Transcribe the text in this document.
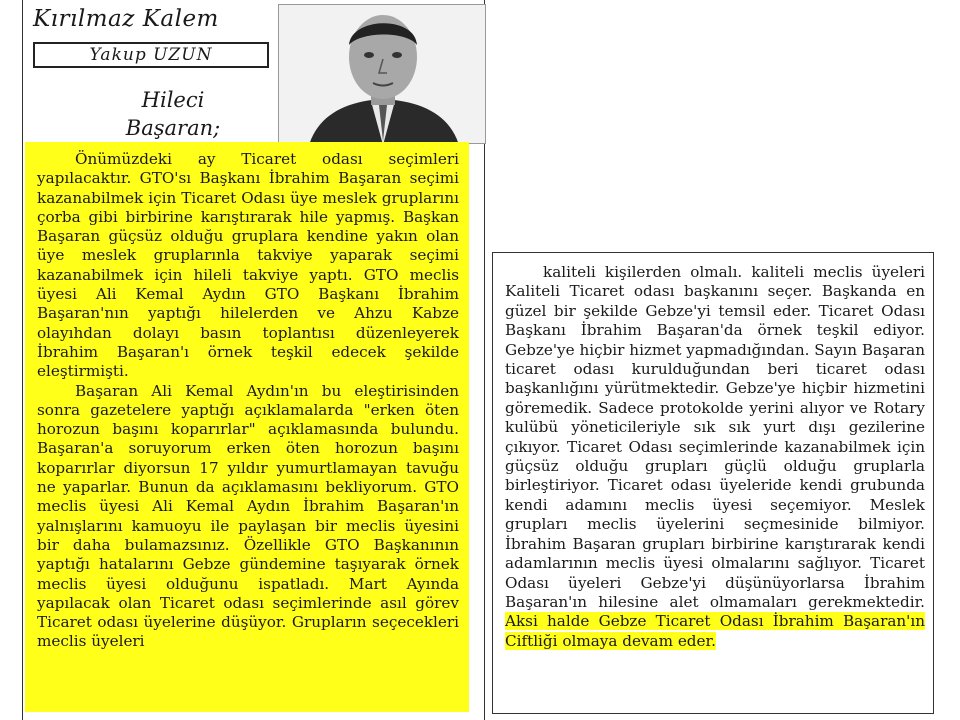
Kırılmaz Kalem
Yakup UZUN
Hileci
Başaran;

Önümüzdeki ay Ticaret odası seçimleri yapılacaktır. GTO'sı Başkanı İbrahim Başaran seçimi kazanabilmek için Ticaret Odası üye meslek gruplarını çorba gibi birbirine karıştırarak hile yapmış. Başkan Başaran güçsüz olduğu gruplara kendine yakın olan üye meslek gruplarınla takviye yaparak seçimi kazanabilmek için hileli takviye yaptı. GTO meclis üyesi Ali Kemal Aydın GTO Başkanı İbrahim Başaran'nın yaptığı hilelerden ve Ahzu Kabze olayıhdan dolayı basın toplantısı düzenleyerek İbrahim Başaran'ı örnek teşkil edecek şekilde eleştirmişti.

Başaran Ali Kemal Aydın'ın bu eleştirisinden sonra gazetelere yaptığı açıklamalarda "erken öten horozun başını koparırlar" açıklamasında bulundu. Başaran'a soruyorum erken öten horozun başını koparırlar diyorsun 17 yıldır yumurtlamayan tavuğu ne yaparlar. Bunun da açıklamasını bekliyorum. GTO meclis üyesi Ali Kemal Aydın İbrahim Başaran'ın yalnışlarını kamuoyu ile paylaşan bir meclis üyesini bir daha bulamazsınız. Özellikle GTO Başkanının yaptığı hatalarını Gebze gündemine taşıyarak örnek meclis üyesi olduğunu ispatladı. Mart Ayında yapılacak olan Ticaret odası seçimlerinde asıl görev Ticaret odası üyelerine düşüyor. Grupların seçecekleri meclis üyeleri

kaliteli kişilerden olmalı. kaliteli meclis üyeleri Kaliteli Ticaret odası başkanını seçer. Başkanda en güzel bir şekilde Gebze'yi temsil eder. Ticaret Odası Başkanı İbrahim Başaran'da örnek teşkil ediyor. Gebze'ye hiçbir hizmet yapmadığından. Sayın Başaran ticaret odası kurulduğundan beri ticaret odası başkanlığını yürütmektedir. Gebze'ye hiçbir hizmetini göremedik. Sadece protokolde yerini alıyor ve Rotary kulübü yöneticileriyle sık sık yurt dışı gezilerine çıkıyor. Ticaret Odası seçimlerinde kazanabilmek için güçsüz olduğu grupları güçlü olduğu gruplarla birleştiriyor. Ticaret odası üyeleride kendi grubunda kendi adamını meclis üyesi seçemiyor. Meslek grupları meclis üyelerini seçmesinide bilmiyor. İbrahim Başaran grupları birbirine karıştırarak kendi adamlarının meclis üyesi olmalarını sağlıyor. Ticaret Odası üyeleri Gebze'yi düşünüyorlarsa İbrahim Başaran'ın hilesine alet olmamaları gerekmektedir. Aksi halde Gebze Ticaret Odası İbrahim Başaran'ın Ciftliği olmaya devam eder.
